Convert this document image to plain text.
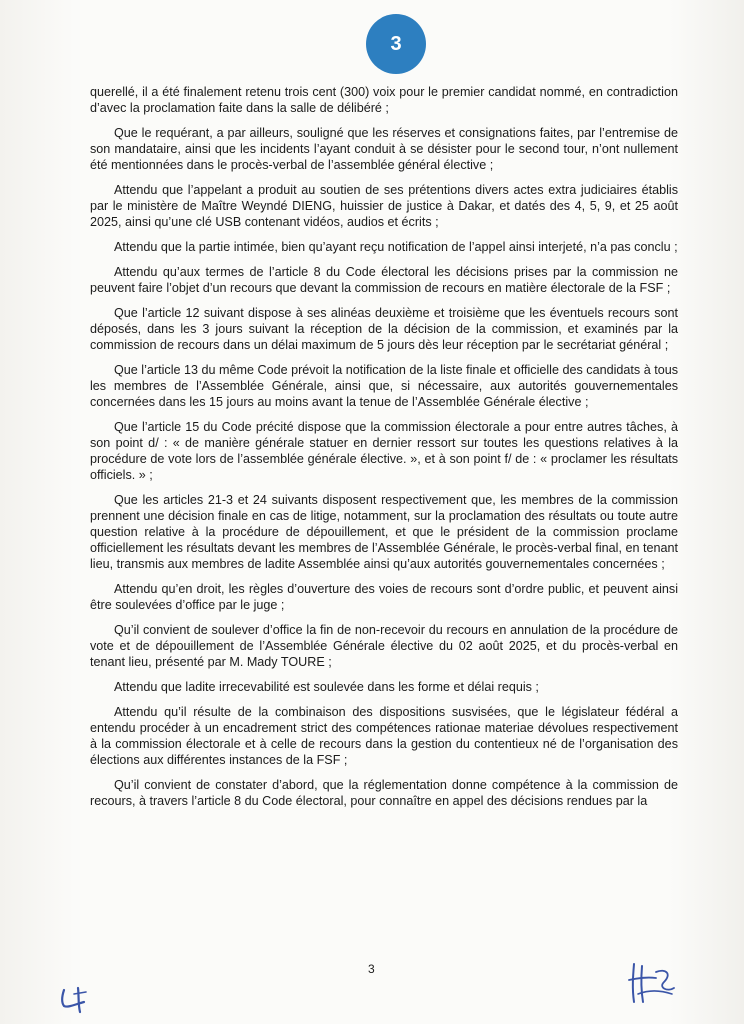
3

querellé, il a été finalement retenu trois cent (300) voix pour le premier candidat nommé, en contradiction d’avec la proclamation faite dans la salle de délibéré ;

Que le requérant, a par ailleurs, souligné que les réserves et consignations faites, par l’entremise de son mandataire, ainsi que les incidents l’ayant conduit à se désister pour le second tour, n’ont nullement été mentionnées dans le procès-verbal de l’assemblée général élective ;

Attendu que l’appelant a produit au soutien de ses prétentions divers actes extra judiciaires établis par le ministère de Maître Weyndé DIENG, huissier de justice à Dakar, et datés des 4, 5, 9, et 25 août 2025, ainsi qu’une clé USB contenant vidéos, audios et écrits ;

Attendu que la partie intimée, bien qu’ayant reçu notification de l’appel ainsi interjeté, n’a pas conclu ;

Attendu qu’aux termes de l’article 8 du Code électoral les décisions prises par la commission ne peuvent faire l’objet d’un recours que devant la commission de recours en matière électorale de la FSF ;

Que l’article 12 suivant dispose à ses alinéas deuxième et troisième que les éventuels recours sont déposés, dans les 3 jours suivant la réception de la décision de la commission, et examinés par la commission de recours dans un délai maximum de 5 jours dès leur réception par le secrétariat général ;

Que l’article 13 du même Code prévoit la notification de la liste finale et officielle des candidats à tous les membres de l’Assemblée Générale, ainsi que, si nécessaire, aux autorités gouvernementales concernées dans les 15 jours au moins avant la tenue de l’Assemblée Générale élective ;

Que l’article 15 du Code précité dispose que la commission électorale a pour entre autres tâches, à son point d/ : « de manière générale statuer en dernier ressort sur toutes les questions relatives à la procédure de vote lors de l’assemblée générale élective. », et à son point f/ de : « proclamer les résultats officiels. » ;

Que les articles 21-3 et 24 suivants disposent respectivement que, les membres de la commission prennent une décision finale en cas de litige, notamment, sur la proclamation des résultats ou toute autre question relative à la procédure de dépouillement, et que le président de la commission proclame officiellement les résultats devant les membres de l’Assemblée Générale, le procès-verbal final, en tenant lieu, transmis aux membres de ladite Assemblée ainsi qu’aux autorités gouvernementales concernées ;

Attendu qu’en droit, les règles d’ouverture des voies de recours sont d’ordre public, et peuvent ainsi être soulevées d’office par le juge ;

Qu’il convient de soulever d’office la fin de non-recevoir du recours en annulation de la procédure de vote et de dépouillement de l’Assemblée Générale élective du 02 août 2025, et du procès-verbal en tenant lieu, présenté par M. Mady TOURE ;

Attendu que ladite irrecevabilité est soulevée dans les forme et délai requis ;

Attendu qu’il résulte de la combinaison des dispositions susvisées, que le législateur fédéral a entendu procéder à un encadrement strict des compétences rationae materiae dévolues respectivement à la commission électorale et à celle de recours dans la gestion du contentieux né de l’organisation des élections aux différentes instances de la FSF ;

Qu’il convient de constater d’abord, que la réglementation donne compétence à la commission de recours, à travers l’article 8 du Code électoral, pour connaître en appel des décisions rendues par la

3
